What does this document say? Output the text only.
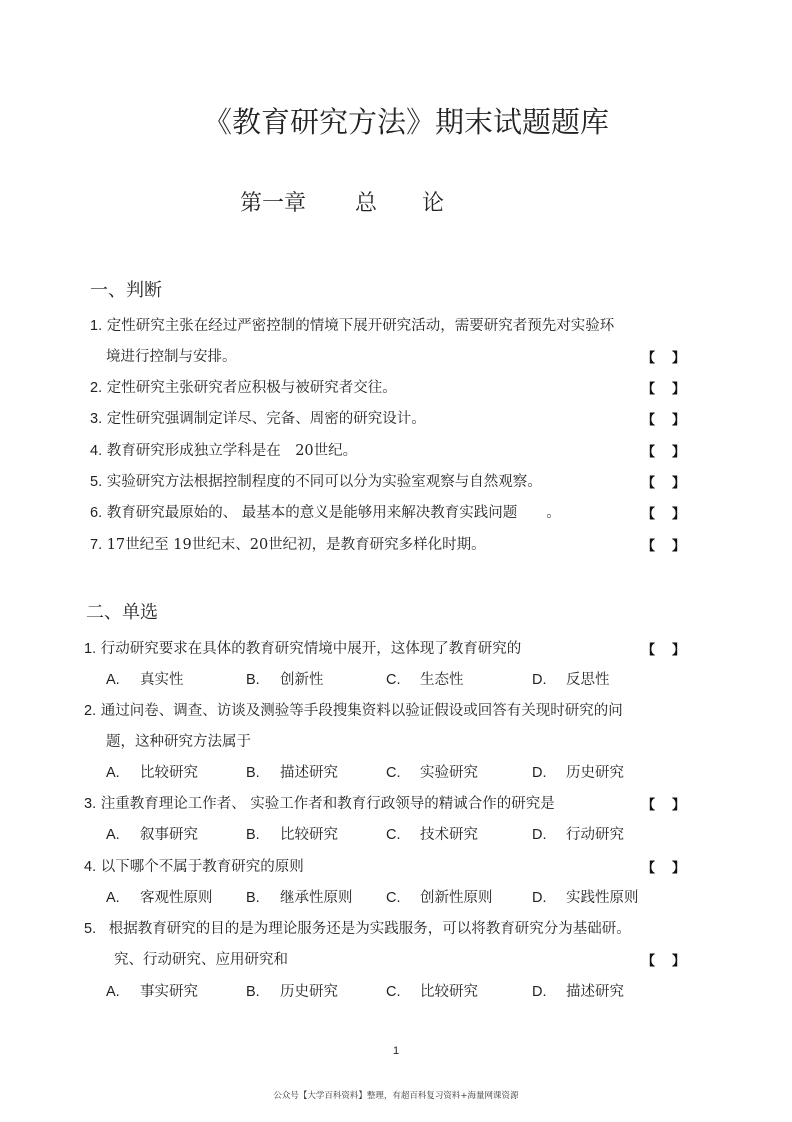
《教育研究方法》期末试题题库
第一章 总 论
一、判断
1. 定性研究主张在经过严密控制的情境下展开研究活动，需要研究者预先对实验环
境进行控制与安排。	【 】
2. 定性研究主张研究者应积极与被研究者交往。	【 】
3. 定性研究强调制定详尽、完备、周密的研究设计。	【 】
4. 教育研究形成独立学科是在　20世纪。	【 】
5. 实验研究方法根据控制程度的不同可以分为实验室观察与自然观察。	【 】
6. 教育研究最原始的、 最基本的意义是能够用来解决教育实践问题　　。	【 】
7. 17世纪至 19世纪末、20世纪初，是教育研究多样化时期。	【 】
二、单选
1. 行动研究要求在具体的教育研究情境中展开，这体现了教育研究的	【 】
A. 真实性	B. 创新性	C. 生态性	D. 反思性
2. 通过问卷、调查、访谈及测验等手段搜集资料以验证假设或回答有关现时研究的问
题，这种研究方法属于
A. 比较研究	B. 描述研究	C. 实验研究	D. 历史研究
3. 注重教育理论工作者、 实验工作者和教育行政领导的精诚合作的研究是	【 】
A. 叙事研究	B. 比较研究	C. 技术研究	D. 行动研究
4. 以下哪个不属于教育研究的原则	【 】
A. 客观性原则 B. 继承性原则 C. 创新性原则	D. 实践性原则
5. 根据教育研究的目的是为理论服务还是为实践服务，可以将教育研究分为基础研。
究、行动研究、应用研究和	【 】
A. 事实研究	B. 历史研究	C. 比较研究	D. 描述研究
1
公众号【大学百科资料】整理，有超百科复习资料+海量网课资源
